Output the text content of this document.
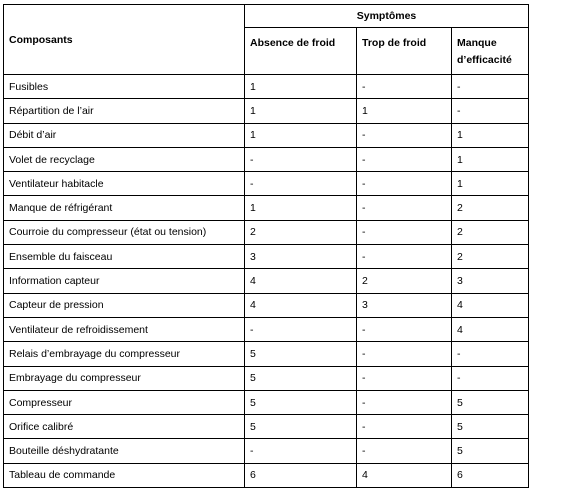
Composants	Symptômes		
	Absence de froid	Trop de froid	Manque d’efficacité
Fusibles	1	-	-
Répartition de l’air	1	1	-
Débit d’air	1	-	1
Volet de recyclage	-	-	1
Ventilateur habitacle	-	-	1
Manque de réfrigérant	1	-	2
Courroie du compresseur (état ou tension)	2	-	2
Ensemble du faisceau	3	-	2
Information capteur	4	2	3
Capteur de pression	4	3	4
Ventilateur de refroidissement	-	-	4
Relais d’embrayage du compresseur	5	-	-
Embrayage du compresseur	5	-	-
Compresseur	5	-	5
Orifice calibré	5	-	5
Bouteille déshydratante	-	-	5
Tableau de commande	6	4	6
